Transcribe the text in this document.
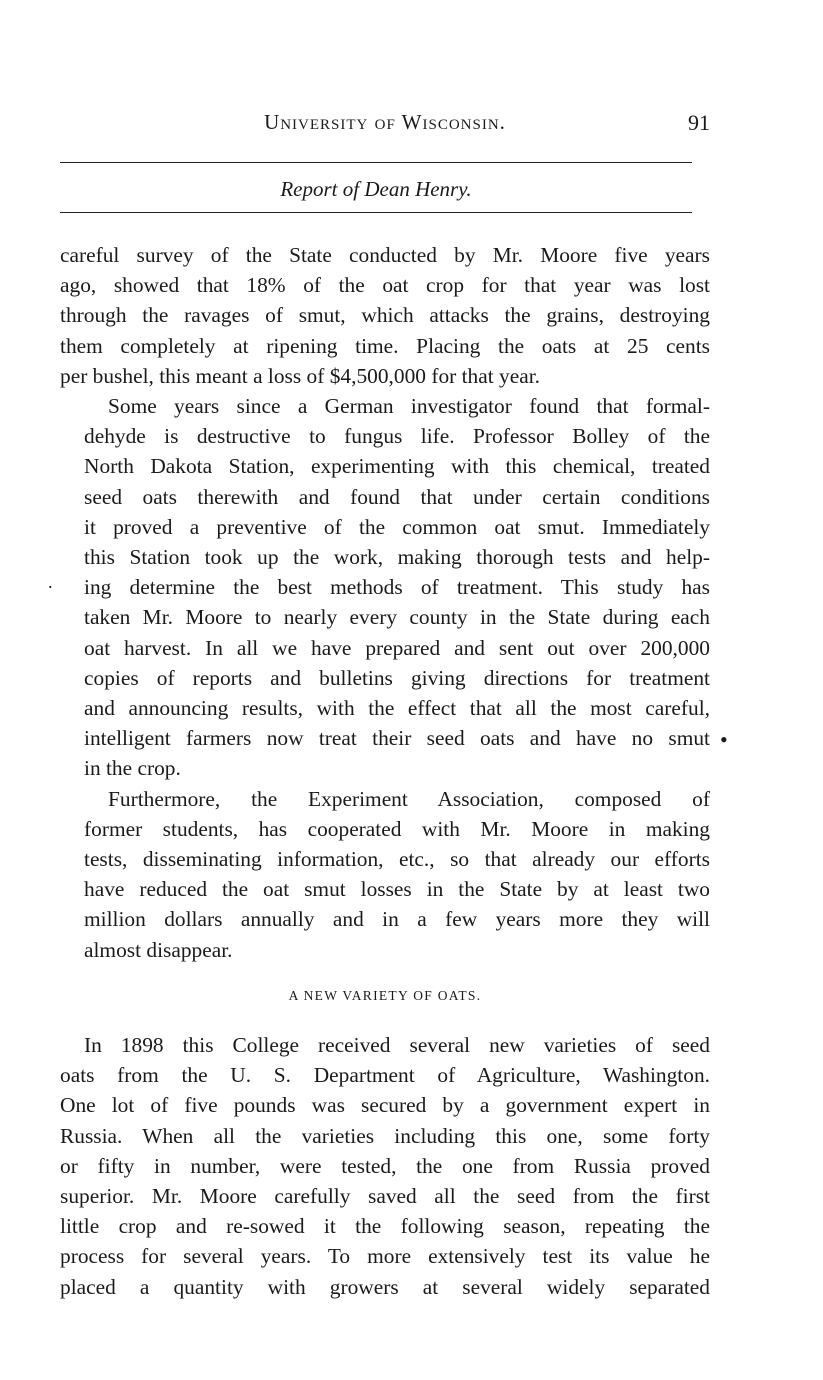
University of Wisconsin.	91
Report of Dean Henry.

careful survey of the State conducted by Mr. Moore five years
ago, showed that 18% of the oat crop for that year was lost
through the ravages of smut, which attacks the grains, destroying
them completely at ripening time. Placing the oats at 25 cents
per bushel, this meant a loss of $4,500,000 for that year.

Some years since a German investigator found that formal-
dehyde is destructive to fungus life. Professor Bolley of the
North Dakota Station, experimenting with this chemical, treated
seed oats therewith and found that under certain conditions
it proved a preventive of the common oat smut. Immediately
this Station took up the work, making thorough tests and help-
ing determine the best methods of treatment. This study has
taken Mr. Moore to nearly every county in the State during each
oat harvest. In all we have prepared and sent out over 200,000
copies of reports and bulletins giving directions for treatment
and announcing results, with the effect that all the most careful,
intelligent farmers now treat their seed oats and have no smut
in the crop.

Furthermore, the Experiment Association, composed of
former students, has cooperated with Mr. Moore in making
tests, disseminating information, etc., so that already our efforts
have reduced the oat smut losses in the State by at least two
million dollars annually and in a few years more they will
almost disappear.

A NEW VARIETY OF OATS.

In 1898 this College received several new varieties of seed
oats from the U. S. Department of Agriculture, Washington.
One lot of five pounds was secured by a government expert in
Russia. When all the varieties including this one, some forty
or fifty in number, were tested, the one from Russia proved
superior. Mr. Moore carefully saved all the seed from the first
little crop and re-sowed it the following season, repeating the
process for several years. To more extensively test its value he
placed a quantity with growers at several widely separated

•
.
